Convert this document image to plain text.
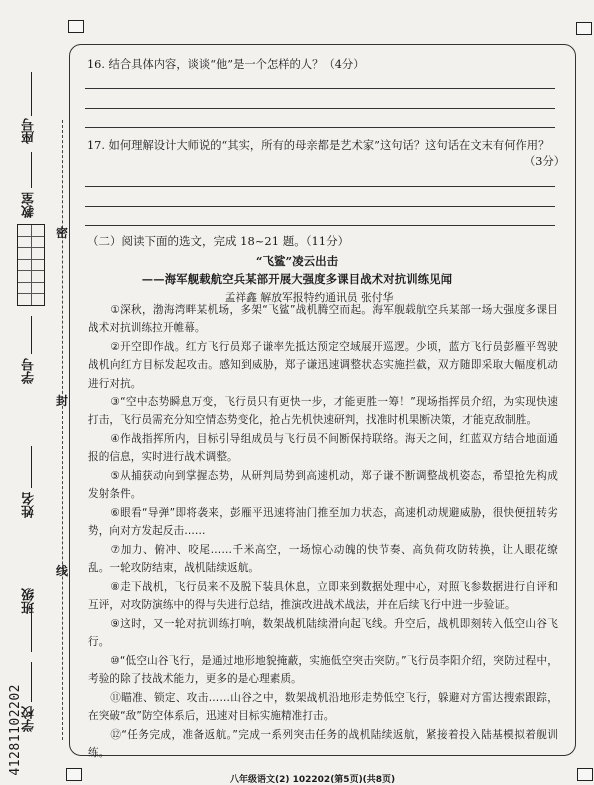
座号
教室
密
学号
封
姓名
线
班级
学校
41281102202
16. 结合具体内容，谈谈“他”是一个怎样的人？（4分）
17. 如何理解设计大师说的“其实，所有的母亲都是艺术家”这句话？这句话在文末有何作用？
（3分）
（二）阅读下面的选文，完成 18~21 题。（11分）
“飞鲨”凌云出击
——海军舰载航空兵某部开展大强度多课目战术对抗训练见闻
孟祥鑫 解放军报特约通讯员 张付华
①深秋，渤海湾畔某机场，多架“飞鲨”战机腾空而起。海军舰载航空兵某部一场大强度多课目战术对抗训练拉开帷幕。
②开空即作战。红方飞行员郑子谦率先抵达预定空域展开巡逻。少顷，蓝方飞行员彭雁平驾驶战机向红方目标发起攻击。感知到威胁，郑子谦迅速调整状态实施拦截，双方随即采取大幅度机动进行对抗。
③“空中态势瞬息万变，飞行员只有更快一步，才能更胜一筹！”现场指挥员介绍，为实现快速打击，飞行员需充分知空情态势变化，抢占先机快速研判，找准时机果断决策，才能克敌制胜。
④作战指挥所内，目标引导组成员与飞行员不间断保持联络。海天之间，红蓝双方结合地面通报的信息，实时进行战术调整。
⑤从捕获动向到掌握态势，从研判局势到高速机动，郑子谦不断调整战机姿态，希望抢先构成发射条件。
⑥眼看“导弹”即将袭来，彭雁平迅速将油门推至加力状态，高速机动规避威胁，很快便扭转劣势，向对方发起反击……
⑦加力、俯冲、咬尾……千米高空，一场惊心动魄的快节奏、高负荷攻防转换，让人眼花缭乱。一轮攻防结束，战机陆续返航。
⑧走下战机，飞行员来不及脱下装具休息，立即来到数据处理中心，对照飞参数据进行自评和互评，对攻防演练中的得与失进行总结，推演改进战术战法，并在后续飞行中进一步验证。
⑨这时，又一轮对抗训练打响，数架战机陆续滑向起飞线。升空后，战机即刻转入低空山谷飞行。
⑩“低空山谷飞行，是通过地形地貌掩蔽，实施低空突击突防。”飞行员李阳介绍，突防过程中，考验的除了技战术能力，更多的是心理素质。
⑪瞄准、锁定、攻击……山谷之中，数架战机沿地形走势低空飞行，躲避对方雷达搜索跟踪，在突破“敌”防空体系后，迅速对目标实施精准打击。
⑫“任务完成，准备返航。”完成一系列突击任务的战机陆续返航，紧接着投入陆基模拟着舰训练。
八年级语文(2) 102202(第5页)(共8页)
